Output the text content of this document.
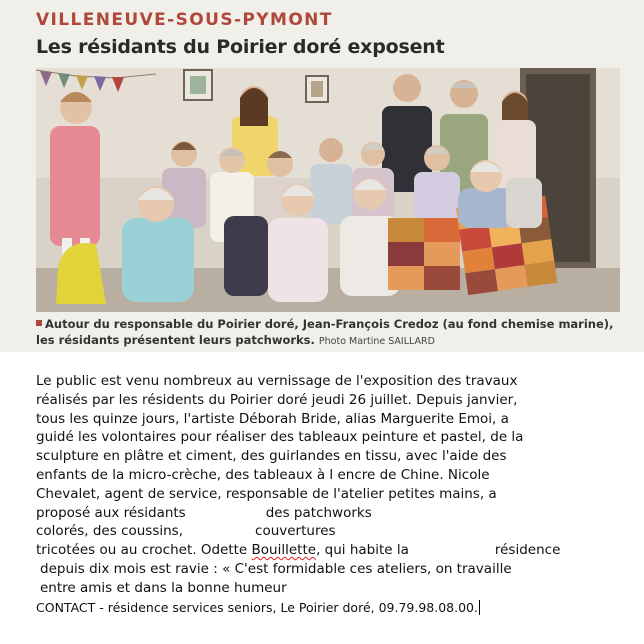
VILLENEUVE-SOUS-PYMONT
Les résidants du Poirier doré exposent
Autour du responsable du Poirier doré, Jean-François Credoz (au fond chemise marine), les résidants présentent leurs patchworks. Photo Martine SAILLARD
Le public est venu nombreux au vernissage de l'exposition des travaux
réalisés par les résidents du Poirier doré jeudi 26 juillet. Depuis janvier,
tous les quinze jours, l'artiste Déborah Bride, alias Marguerite Emoi, a
guidé les volontaires pour réaliser des tableaux peinture et pastel, de la
sculpture en plâtre et ciment, des guirlandes en tissu, avec l'aide des
enfants de la micro-crèche, des tableaux à l encre de Chine. Nicole
Chevalet, agent de service, responsable de l'atelier petites mains, a
proposé aux résidants	des patchworks
colorés, des coussins,	couvertures
tricotées ou au crochet. Odette Bouillette, qui habite la	résidence
depuis dix mois est ravie : « C'est formidable ces ateliers, on travaille
entre amis et dans la bonne humeur
CONTACT - résidence services seniors, Le Poirier doré, 09.79.98.08.00.
